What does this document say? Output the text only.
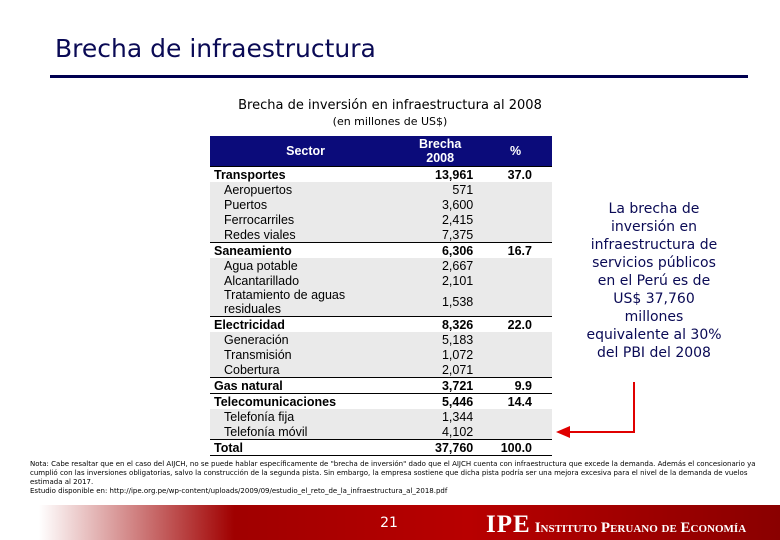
Brecha de infraestructura
Brecha de inversión en infraestructura al 2008
(en millones de US$)
Sector	Brecha 2008	%
Transportes	13,961	37.0
Aeropuertos	571	
Puertos	3,600	
Ferrocarriles	2,415	
Redes viales	7,375	
Saneamiento	6,306	16.7
Agua potable	2,667	
Alcantarillado	2,101	
Tratamiento de aguas residuales	1,538	
Electricidad	8,326	22.0
Generación	5,183	
Transmisión	1,072	
Cobertura	2,071	
Gas natural	3,721	9.9
Telecomunicaciones	5,446	14.4
Telefonía fija	1,344	
Telefonía móvil	4,102	
Total	37,760	100.0
La brecha de inversión en infraestructura de servicios públicos en el Perú es de US$ 37,760 millones equivalente al 30% del PBI del 2008
Nota: Cabe resaltar que en el caso del AIJCH, no se puede hablar específicamente de "brecha de inversión" dado que el AIJCH cuenta con infraestructura que excede la demanda. Además el concesionario ya cumplió con las inversiones obligatorias, salvo la construcción de la segunda pista. Sin embargo, la empresa sostiene que dicha pista podría ser una mejora excesiva para el nivel de la demanda de vuelos estimada al 2017.
Estudio disponible en: http://ipe.org.pe/wp-content/uploads/2009/09/estudio_el_reto_de_la_infraestructura_al_2018.pdf
21	IPE Instituto Peruano de Economía
